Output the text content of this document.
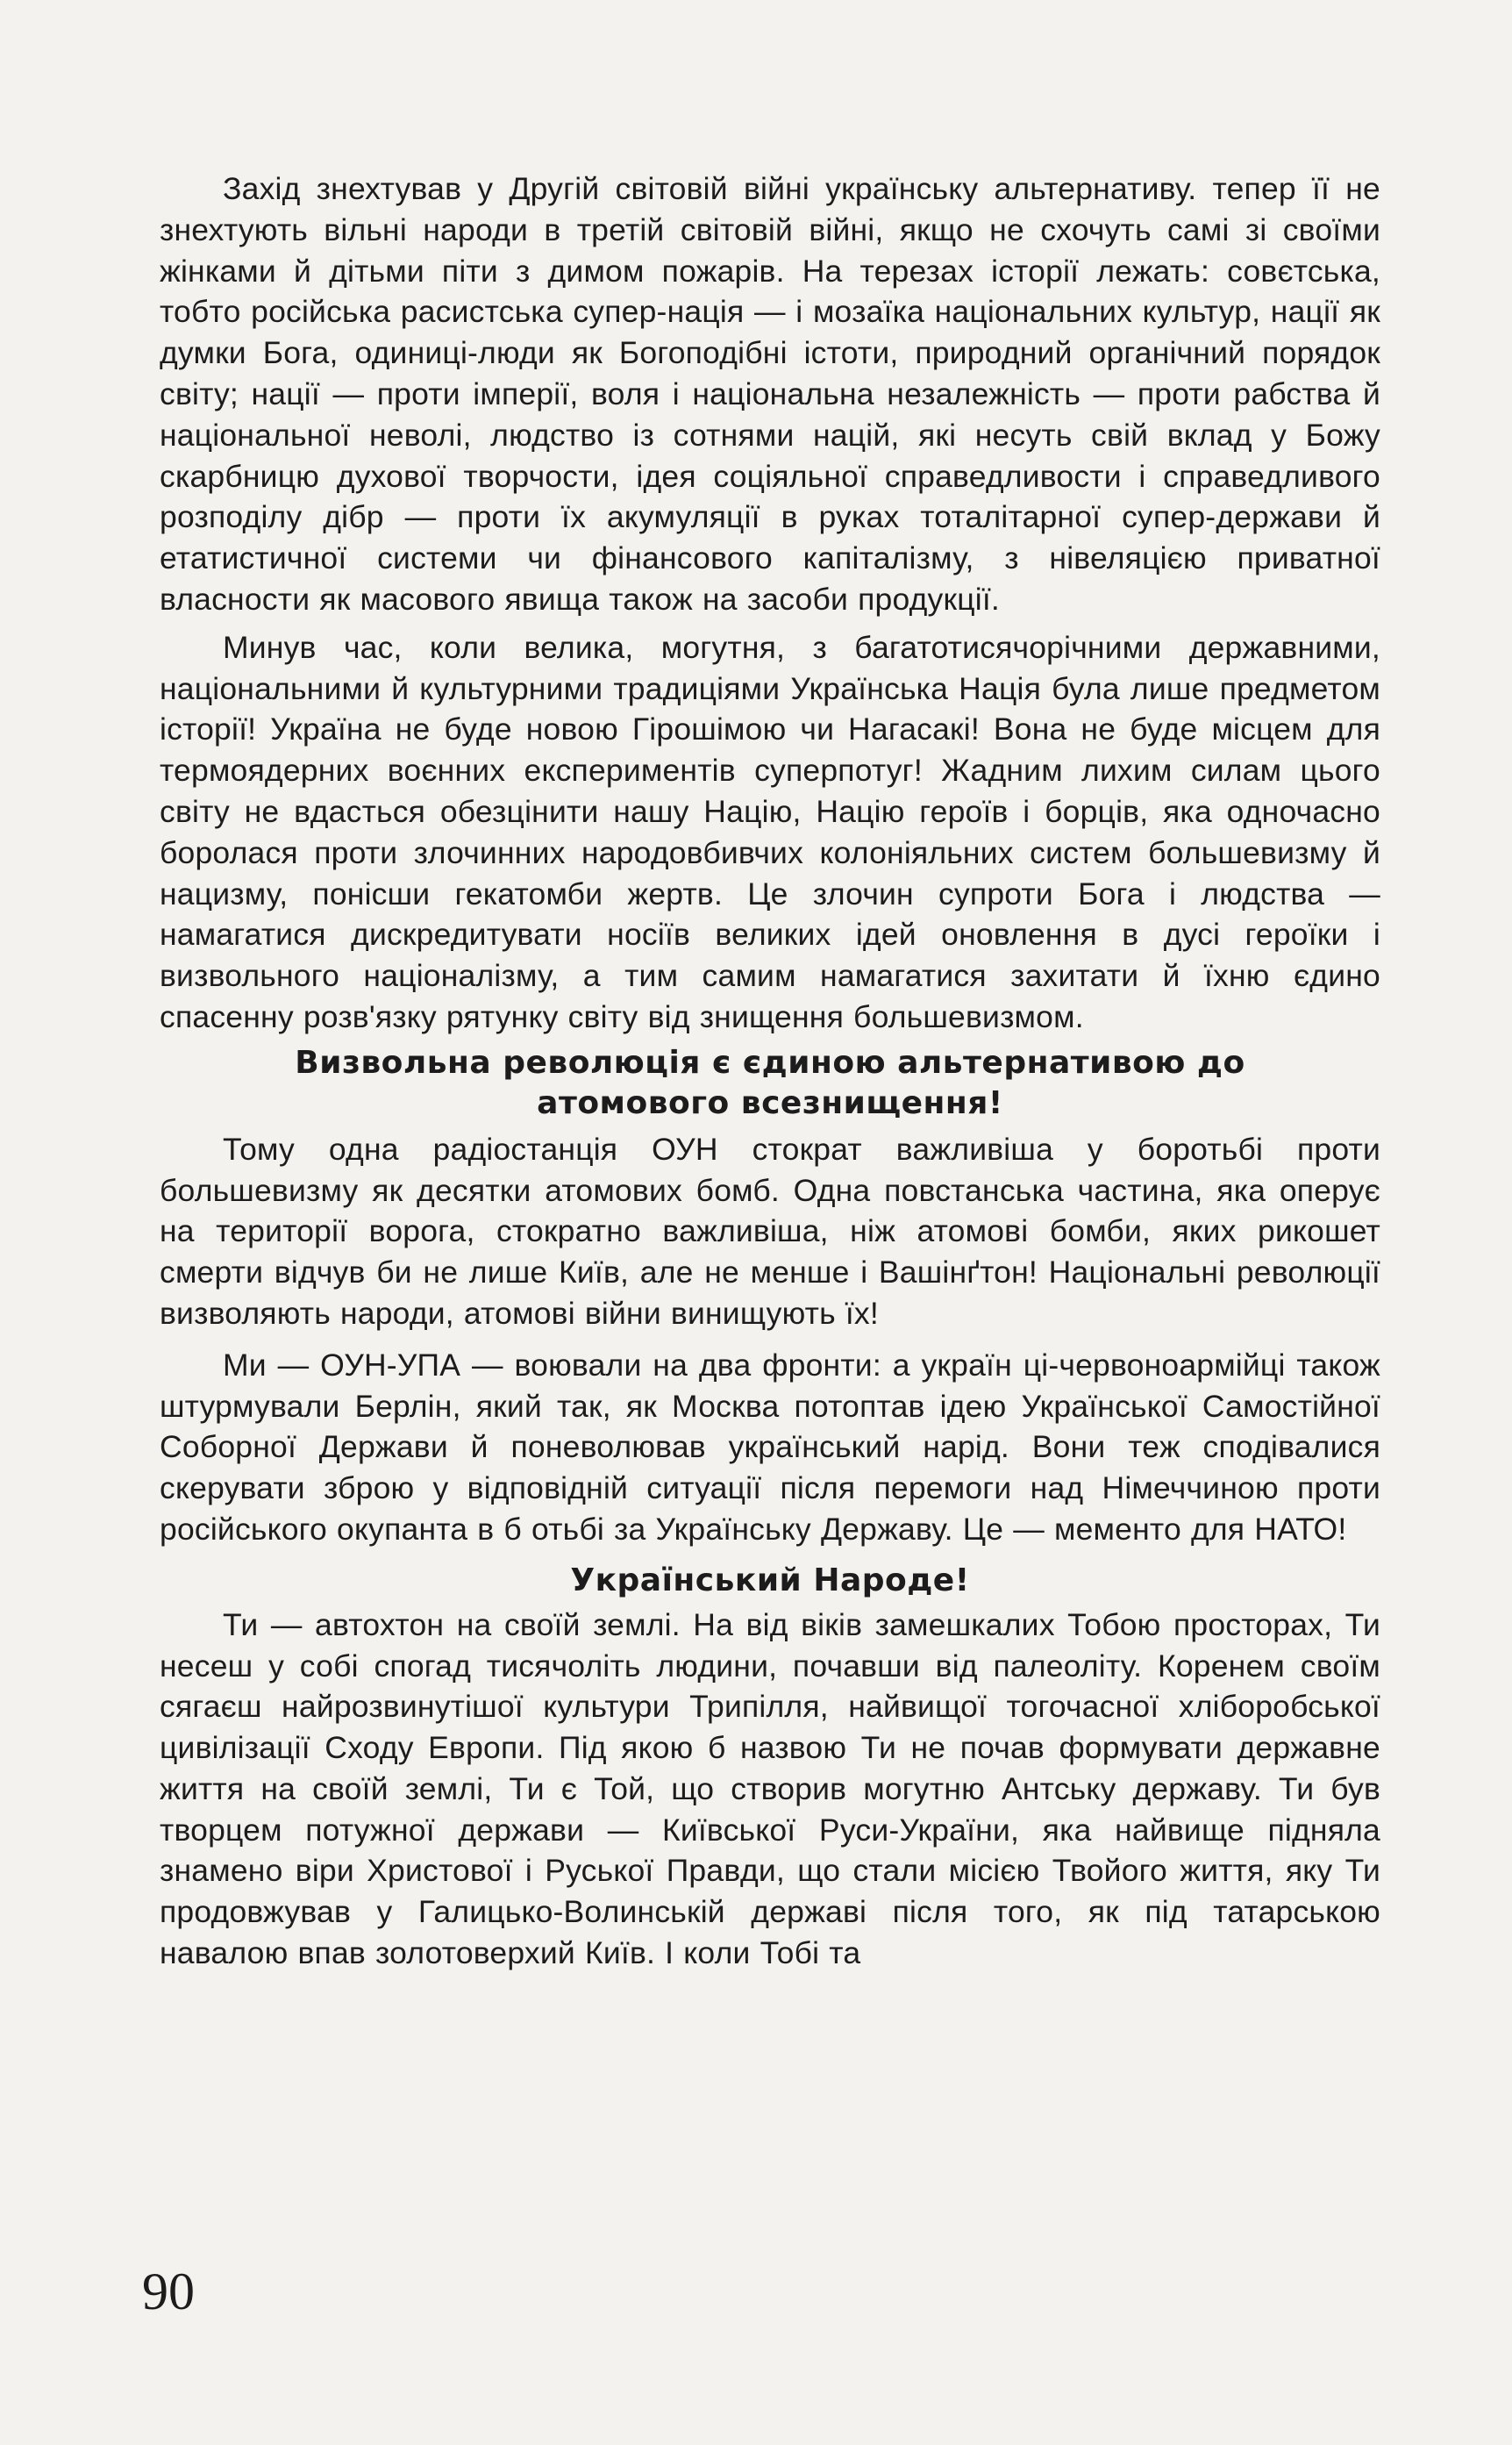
Захід знехтував у Другій світовій війні українську альтернативу. тепер її не знехтують вільні народи в третій світовій війні, якщо не схочуть самі зі своїми жінками й дітьми піти з димом пожарів. На терезах історії лежать: совєтська, тобто російська расистська супер-нація — і мозаїка національних культур, нації як думки Бога, одиниці-люди як Богоподібні істоти, природний органічний порядок світу; нації — проти імперії, воля і національна незалежність — проти рабства й національної неволі, людство із сотнями націй, які несуть свій вклад у Божу скарбницю духової творчости, ідея соціяльної справедливости і справедливого розподілу дібр — проти їх акумуляції в руках тоталітарної супер-держави й етатистичної системи чи фінансового капіталізму, з нівеляцією приватної власности як масового явища також на засоби продукції.

Минув час, коли велика, могутня, з багатотисячорічними державними, національними й культурними традиціями Українська Нація була лише предметом історії! Україна не буде новою Гірошімою чи Нагасакі! Вона не буде місцем для термоядерних воєнних експериментів суперпотуг! Жадним лихим силам цього світу не вдасться обезцінити нашу Націю, Націю героїв і борців, яка одночасно боролася проти злочинних народовбивчих колоніяльних систем большевизму й нацизму, понісши гекатомби жертв. Це злочин супроти Бога і людства — намагатися дискредитувати носіїв великих ідей оновлення в дусі героїки і визвольного націоналізму, а тим самим намагатися захитати й їхню єдино спасенну розв'язку рятунку світу від знищення большевизмом.

Визвольна революція є єдиною альтернативою до атомового всезнищення!

Тому одна радіостанція ОУН стократ важливіша у боротьбі проти большевизму як десятки атомових бомб. Одна повстанська частина, яка оперує на території ворога, стократно важливіша, ніж атомові бомби, яких рикошет смерти відчув би не лише Київ, але не менше і Вашінґтон! Національні революції визволяють народи, атомові війни винищують їх!

Ми — ОУН-УПА — воювали на два фронти: а україн ці-червоноармійці також штурмували Берлін, який так, як Москва потоптав ідею Української Самостійної Соборної Держави й поневолював український нарід. Вони теж сподівалися скерувати зброю у відповідній ситуації після перемоги над Німеччиною проти російського окупанта в б отьбі за Українську Державу. Це — мементо для НАТО!

Український Народе!

Ти — автохтон на своїй землі. На від віків замешкалих Тобою просторах, Ти несеш у собі спогад тисячоліть людини, почавши від палеоліту. Коренем своїм сягаєш найрозвинутішої культури Трипілля, найвищої тогочасної хліборобської цивілізації Сходу Европи. Під якою б назвою Ти не почав формувати державне життя на своїй землі, Ти є Той, що створив могутню Антську державу. Ти був творцем потужної держави — Київської Руси-України, яка найвище піднялa знамено віри Христової і Руської Правди, що стали місією Твойого життя, яку Ти продовжував у Галицько-Волинській державі після того, як під татарською навалою впав золотоверхий Київ. І коли Тобі та

90
